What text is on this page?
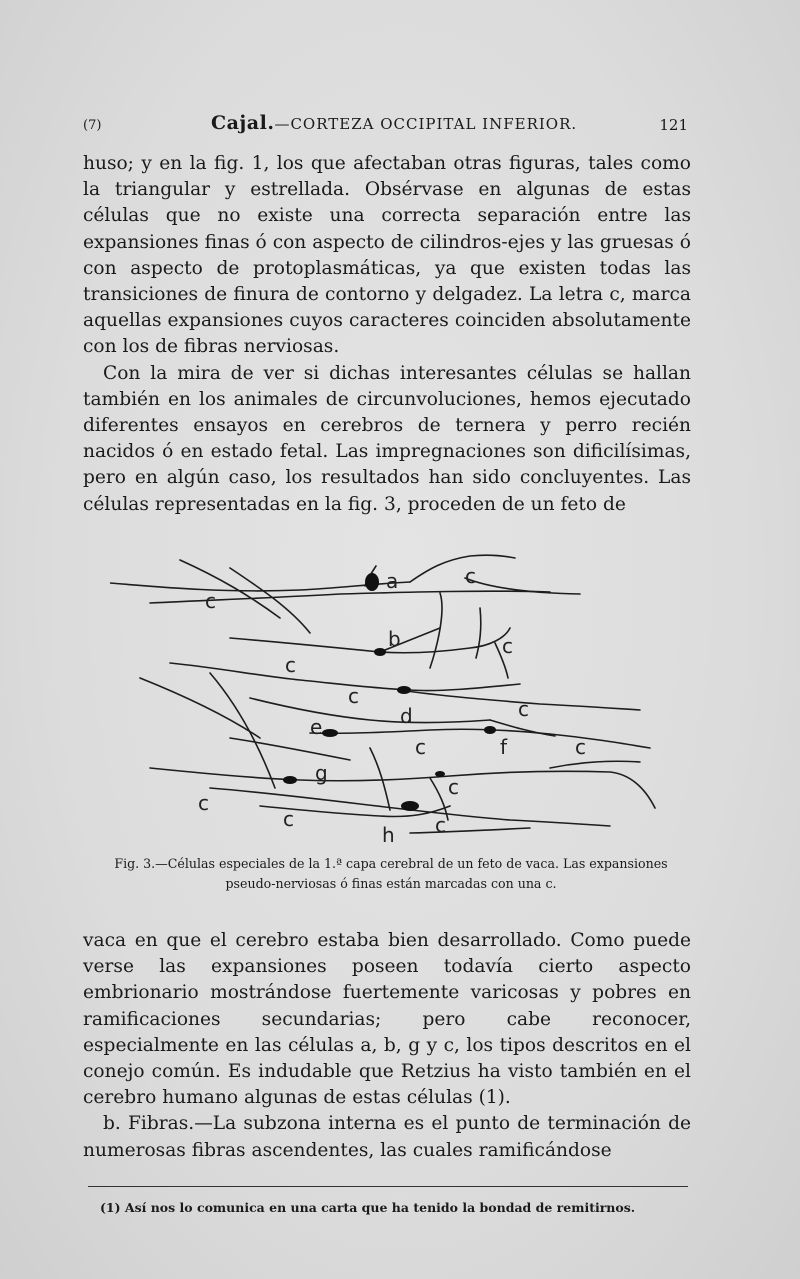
(7)	Cajal.—CORTEZA OCCIPITAL INFERIOR.	121

huso; y en la fig. 1, los que afectaban otras figuras, tales como la triangular y estrellada. Obsérvase en algunas de estas células que no existe una correcta separación entre las expansiones finas ó con aspecto de cilindros-ejes y las gruesas ó con aspecto de protoplasmáticas, ya que existen todas las transiciones de finura de contorno y delgadez. La letra c, marca aquellas expansiones cuyos caracteres coinciden absolutamente con los de fibras nerviosas.

Con la mira de ver si dichas interesantes células se hallan también en los animales de circunvoluciones, hemos ejecutado diferentes ensayos en cerebros de ternera y perro recién nacidos ó en estado fetal. Las impregnaciones son dificilísimas, pero en algún caso, los resultados han sido concluyentes. Las células representadas en la fig. 3, proceden de un feto de

a
b
c
c
c
c
c
c
c	c
c
c
c	c
d
e
f
g
h
Fig. 3.—Células especiales de la 1.ª capa cerebral de un feto de vaca. Las expansiones
pseudo-nerviosas ó finas están marcadas con una c.

vaca en que el cerebro estaba bien desarrollado. Como puede verse las expansiones poseen todavía cierto aspecto embrionario mostrándose fuertemente varicosas y pobres en ramificaciones secundarias; pero cabe reconocer, especialmente en las células a, b, g y c, los tipos descritos en el conejo común. Es indudable que Retzius ha visto también en el cerebro humano algunas de estas células (1).

b. Fibras.—La subzona interna es el punto de terminación de numerosas fibras ascendentes, las cuales ramificándose

(1) Así nos lo comunica en una carta que ha tenido la bondad de remitirnos.
